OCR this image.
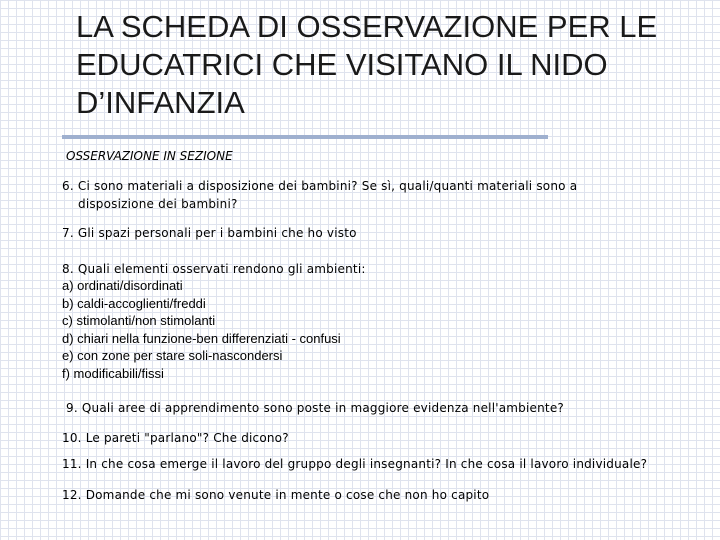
LA SCHEDA DI OSSERVAZIONE PER LE
EDUCATRICI CHE VISITANO IL NIDO
D’INFANZIA
OSSERVAZIONE IN SEZIONE
6. Ci sono materiali a disposizione dei bambini? Se sì, quali/quanti materiali sono a
disposizione dei bambini?
7. Gli spazi personali per i bambini che ho visto
8. Quali elementi osservati rendono gli ambienti:
a) ordinati/disordinati
b) caldi-accoglienti/freddi
c) stimolanti/non stimolanti
d) chiari nella funzione-ben differenziati - confusi
e) con zone per stare soli-nascondersi
f) modificabili/fissi
9. Quali aree di apprendimento sono poste in maggiore evidenza nell'ambiente?
10. Le pareti "parlano"? Che dicono?
11. In che cosa emerge il lavoro del gruppo degli insegnanti? In che cosa il lavoro individuale?
12. Domande che mi sono venute in mente o cose che non ho capito
